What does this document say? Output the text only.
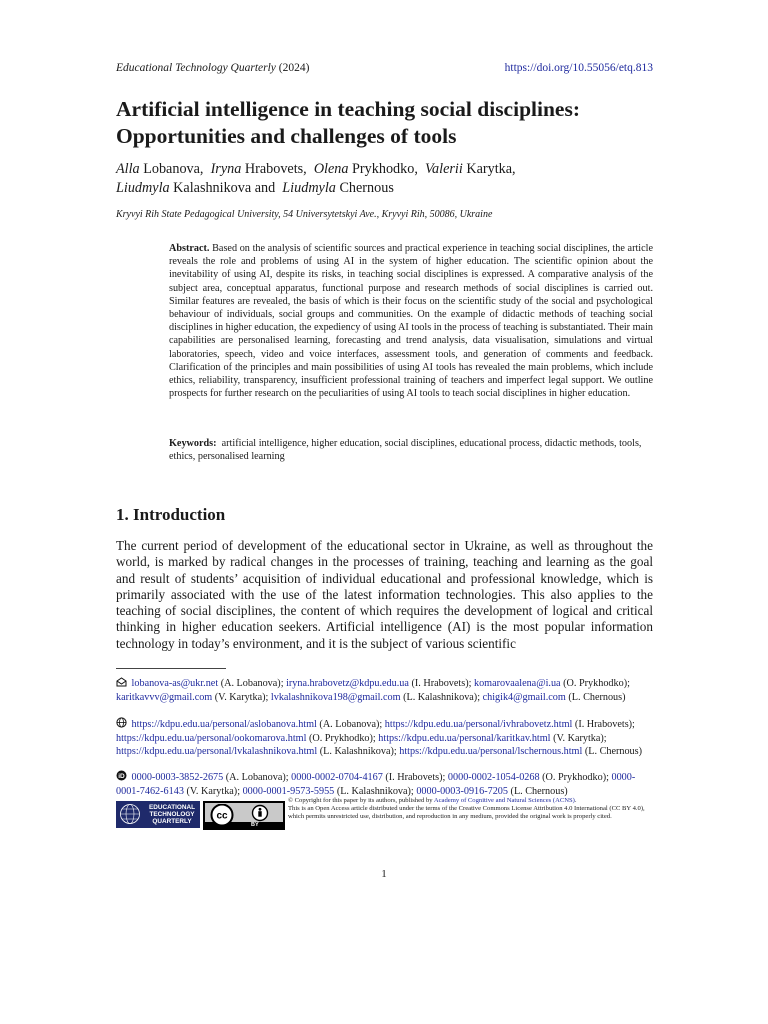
Educational Technology Quarterly (2024)	https://doi.org/10.55056/etq.813
Artificial intelligence in teaching social disciplines:
Opportunities and challenges of tools
Alla Lobanova, Iryna Hrabovets, Olena Prykhodko, Valerii Karytka,
Liudmyla Kalashnikova and Liudmyla Chernous
Kryvyi Rih State Pedagogical University, 54 Universytetskyi Ave., Kryvyi Rih, 50086, Ukraine
Abstract. Based on the analysis of scientific sources and practical experience in teaching social disciplines, the article reveals the role and problems of using AI in the system of higher education. The scientific opinion about the inevitability of using AI, despite its risks, in teaching social disciplines is expressed. A comparative analysis of the subject area, conceptual apparatus, functional purpose and research methods of social disciplines is carried out. Similar features are revealed, the basis of which is their focus on the scientific study of the social and psychological behaviour of individuals, social groups and communities. On the example of didactic methods of teaching social disciplines in higher education, the expediency of using AI tools in the process of teaching is substantiated. Their main capabilities are personalised learning, forecasting and trend analysis, data visualisation, simulations and virtual laboratories, speech, video and voice interfaces, assessment tools, and generation of comments and feedback. Clarification of the principles and main possibilities of using AI tools has revealed the main problems, which include ethics, reliability, transparency, insufficient professional training of teachers and imperfect legal support. We outline prospects for further research on the peculiarities of using AI tools to teach social disciplines in higher education.
Keywords: artificial intelligence, higher education, social disciplines, educational process, didactic methods, tools, ethics, personalised learning
1. Introduction
The current period of development of the educational sector in Ukraine, as well as throughout the world, is marked by radical changes in the processes of training, teaching and learning as the goal and result of students’ acquisition of individual educational and professional knowledge, which is primarily associated with the use of the latest information technologies. This also applies to the teaching of social disciplines, the content of which requires the development of logical and critical thinking in higher education seekers. Artificial intelligence (AI) is the most popular information technology in today’s environment, and it is the subject of various scientific
lobanova-as@ukr.net (A. Lobanova); iryna.hrabovetz@kdpu.edu.ua (I. Hrabovets); komarovaalena@i.ua (O. Prykhodko); karitkavvv@gmail.com (V. Karytka); lvkalashnikova198@gmail.com (L. Kalashnikova); chigik4@gmail.com (L. Chernous)
https://kdpu.edu.ua/personal/aslobanova.html (A. Lobanova); https://kdpu.edu.ua/personal/ivhrabovetz.html (I. Hrabovets); https://kdpu.edu.ua/personal/ookomarova.html (O. Prykhodko); https://kdpu.edu.ua/personal/karitkav.html (V. Karytka); https://kdpu.edu.ua/personal/lvkalashnikova.html (L. Kalashnikova); https://kdpu.edu.ua/personal/lschernous.html (L. Chernous)
iD 0000-0003-3852-2675 (A. Lobanova); 0000-0002-0704-4167 (I. Hrabovets); 0000-0002-1054-0268 (O. Prykhodko); 0000-0001-7462-6143 (V. Karytka); 0000-0001-9573-5955 (L. Kalashnikova); 0000-0003-0916-7205 (L. Chernous)
EDUCATIONAL
TECHNOLOGY
QUARTERLY	cc
BY
© Copyright for this paper by its authors, published by Academy of Cognitive and Natural Sciences (ACNS).
This is an Open Access article distributed under the terms of the Creative Commons License Attribution 4.0 International (CC BY 4.0), which permits unrestricted use, distribution, and reproduction in any medium, provided the original work is properly cited.
1
